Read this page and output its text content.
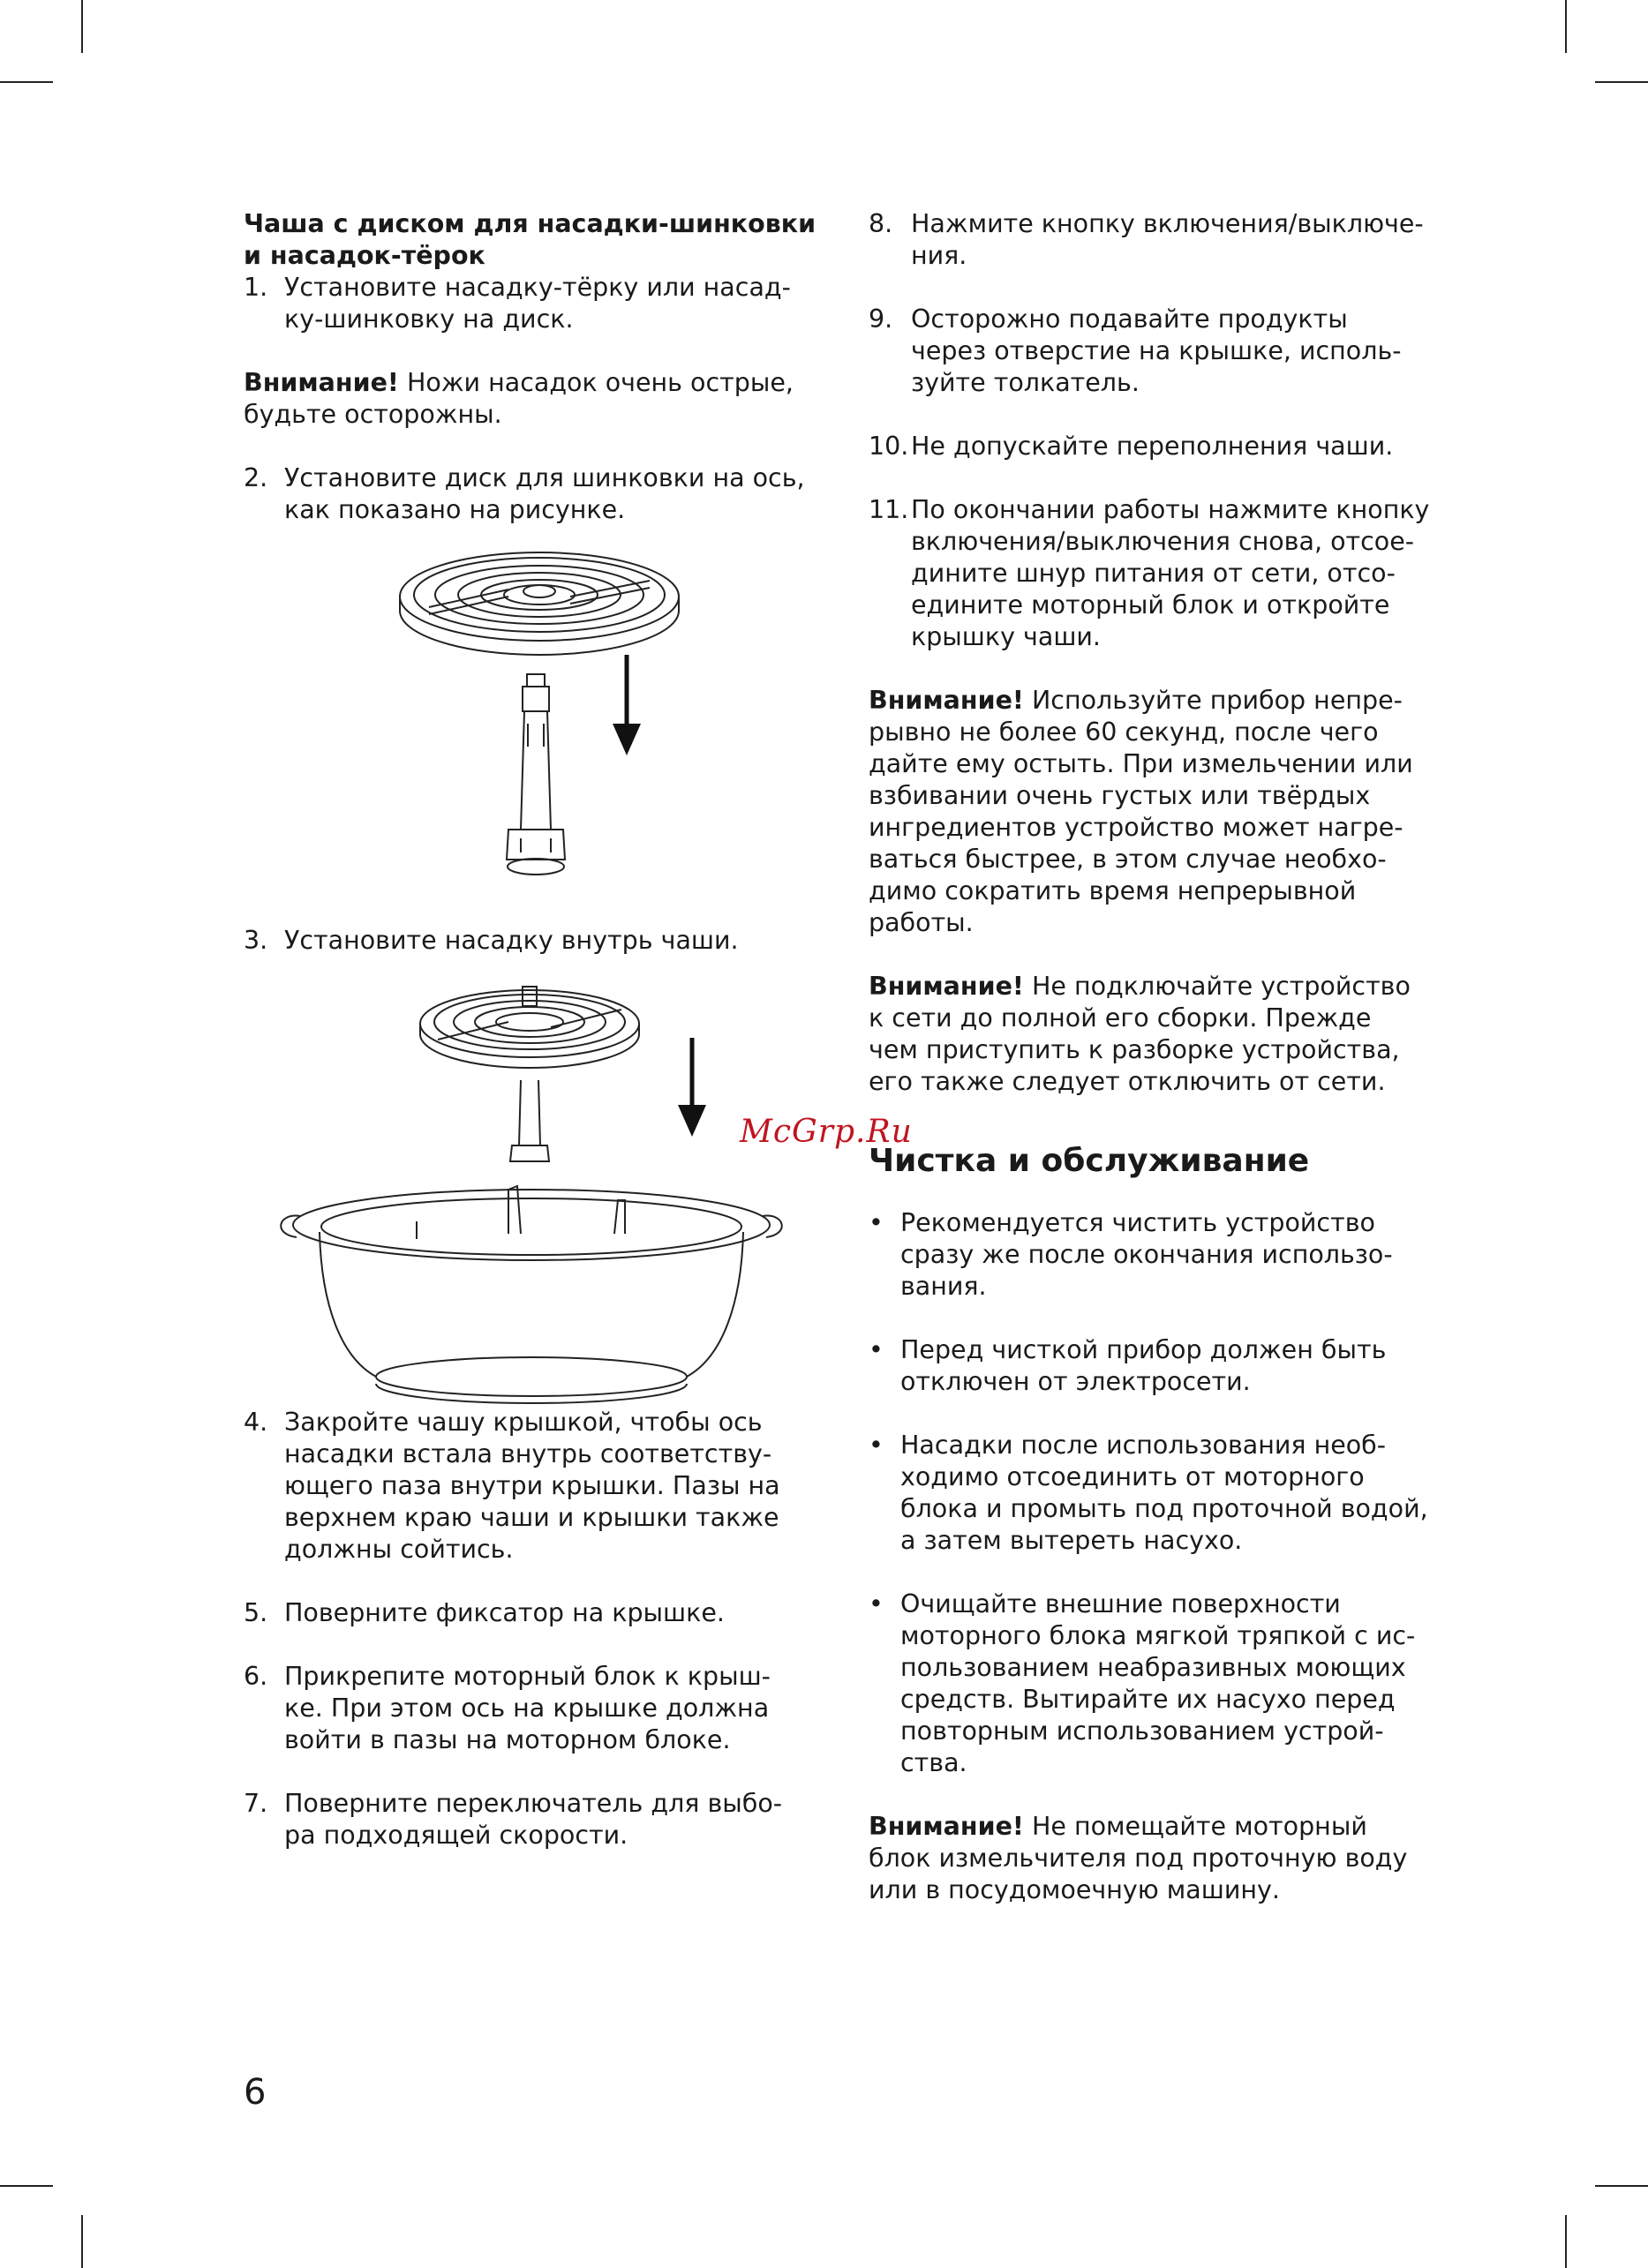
Чаша с диском для насадки-шинковки
и насадок-тёрок
1. Установите насадку-тёрку или насад-
ку-шинковку на диск.
Внимание! Ножи насадок очень острые,
будьте осторожны.
2. Установите диск для шинковки на ось,
как показано на рисунке.
3. Установите насадку внутрь чаши.
4. Закройте чашу крышкой, чтобы ось
насадки встала внутрь соответству-
ющего паза внутри крышки. Пазы на
верхнем краю чаши и крышки также
должны сойтись.
5. Поверните фиксатор на крышке.
6. Прикрепите моторный блок к крыш-
ке. При этом ось на крышке должна
войти в пазы на моторном блоке.
7. Поверните переключатель для выбо-
ра подходящей скорости.
8. Нажмите кнопку включения/выключе-
ния.
9. Осторожно подавайте продукты
через отверстие на крышке, исполь-
зуйте толкатель.
10. Не допускайте переполнения чаши.
11. По окончании работы нажмите кнопку
включения/выключения снова, отсое-
дините шнур питания от сети, отсо-
едините моторный блок и откройте
крышку чаши.
Внимание! Используйте прибор непре-
рывно не более 60 секунд, после чего
дайте ему остыть. При измельчении или
взбивании очень густых или твёрдых
ингредиентов устройство может нагре-
ваться быстрее, в этом случае необхо-
димо сократить время непрерывной
работы.
Внимание! Не подключайте устройство
к сети до полной его сборки. Прежде
чем приступить к разборке устройства,
его также следует отключить от сети.
Чистка и обслуживание
• Рекомендуется чистить устройство
сразу же после окончания использо-
вания.
• Перед чисткой прибор должен быть
отключен от электросети.
• Насадки после использования необ-
ходимо отсоединить от моторного
блока и промыть под проточной водой,
а затем вытереть насухо.
• Очищайте внешние поверхности
моторного блока мягкой тряпкой с ис-
пользованием неабразивных моющих
средств. Вытирайте их насухо перед
повторным использованием устрой-
ства.
Внимание! Не помещайте моторный
блок измельчителя под проточную воду
или в посудомоечную машину.
McGrp.Ru
6
